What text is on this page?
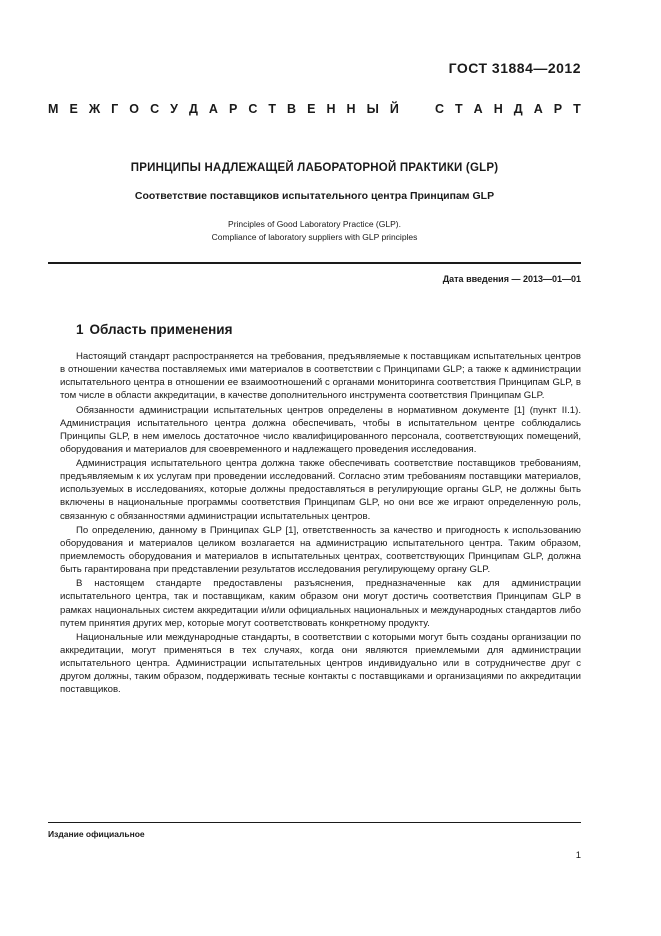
ГОСТ 31884—2012
М Е Ж Г О С У Д А Р С Т В Е Н Н Ы Й	С Т А Н Д А Р Т
ПРИНЦИПЫ НАДЛЕЖАЩЕЙ ЛАБОРАТОРНОЙ ПРАКТИКИ (GLP)
Соответствие поставщиков испытательного центра Принципам GLP
Principles of Good Laboratory Practice (GLP).
Compliance of laboratory suppliers with GLP principles
Дата введения — 2013—01—01
1 Область применения

Настоящий стандарт распространяется на требования, предъявляемые к поставщикам испытательных центров в отношении качества поставляемых ими материалов в соответствии с Принципами GLP; а также к администрации испытательного центра в отношении ее взаимоотношений с органами мониторинга соответствия Принципам GLP, в том числе в области аккредитации, в качестве дополнительного инструмента соответствия Принципам GLP.

Обязанности администрации испытательных центров определены в нормативном документе [1] (пункт II.1). Администрация испытательного центра должна обеспечивать, чтобы в испытательном центре соблюдались Принципы GLP, в нем имелось достаточное число квалифицированного персонала, соответствующих помещений, оборудования и материалов для своевременного и надлежащего проведения исследования.

Администрация испытательного центра должна также обеспечивать соответствие поставщиков требованиям, предъявляемым к их услугам при проведении исследований. Согласно этим требованиям поставщики материалов, используемых в исследованиях, которые должны предоставляться в регулирующие органы GLP, не должны быть включены в национальные программы соответствия Принципам GLP, но они все же играют определенную роль, связанную с обязанностями администрации испытательных центров.

По определению, данному в Принципах GLP [1], ответственность за качество и пригодность к использованию оборудования и материалов целиком возлагается на администрацию испытательного центра. Таким образом, приемлемость оборудования и материалов в испытательных центрах, соответствующих Принципам GLP, должна быть гарантирована при представлении результатов исследования регулирующему органу GLP.

В настоящем стандарте предоставлены разъяснения, предназначенные как для администрации испытательного центра, так и поставщикам, каким образом они могут достичь соответствия Принципам GLP в рамках национальных систем аккредитации и/или официальных национальных и международных стандартов либо путем принятия других мер, которые могут соответствовать конкретному продукту.

Национальные или международные стандарты, в соответствии с которыми могут быть созданы организации по аккредитации, могут применяться в тех случаях, когда они являются приемлемыми для администрации испытательного центра. Администрации испытательных центров индивидуально или в сотрудничестве друг с другом должны, таким образом, поддерживать тесные контакты с поставщиками и организациями по аккредитации поставщиков.

Издание официальное
1
